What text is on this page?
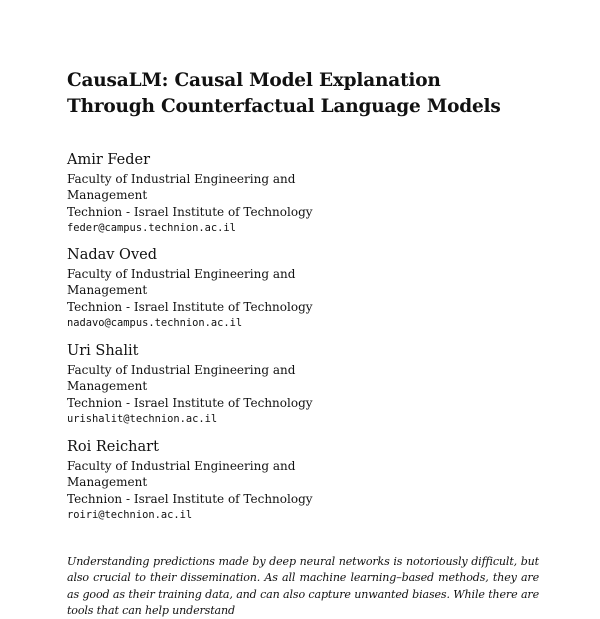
CausaLM: Causal Model Explanation
Through Counterfactual Language Models
Amir Feder
Faculty of Industrial Engineering and
Management
Technion - Israel Institute of Technology
feder@campus.technion.ac.il
Nadav Oved
Faculty of Industrial Engineering and
Management
Technion - Israel Institute of Technology
nadavo@campus.technion.ac.il
Uri Shalit
Faculty of Industrial Engineering and
Management
Technion - Israel Institute of Technology
urishalit@technion.ac.il
Roi Reichart
Faculty of Industrial Engineering and
Management
Technion - Israel Institute of Technology
roiri@technion.ac.il
Understanding predictions made by deep neural networks is notoriously difficult, but also crucial to their dissemination. As all machine learning–based methods, they are as good as their training data, and can also capture unwanted biases. While there are tools that can help understand
